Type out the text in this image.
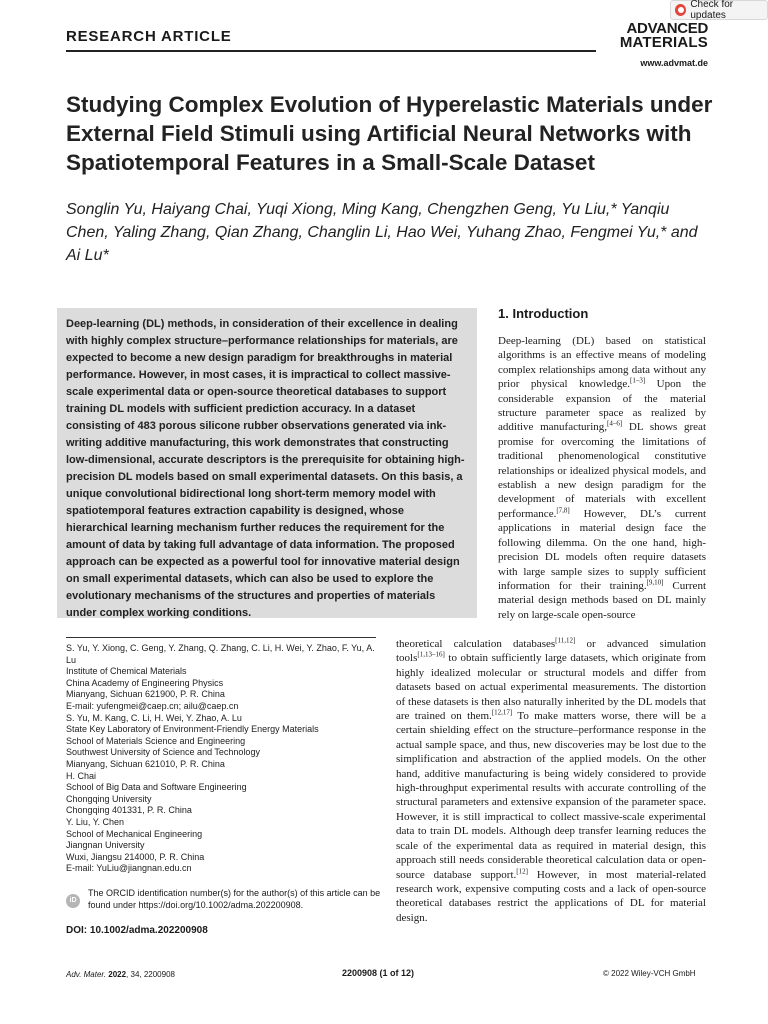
RESEARCH ARTICLE	ADVANCED
MATERIALS
www.advmat.de
Check for updates
Studying Complex Evolution of Hyperelastic Materials under External Field Stimuli using Artificial Neural Networks with Spatiotemporal Features in a Small-Scale Dataset
Songlin Yu, Haiyang Chai, Yuqi Xiong, Ming Kang, Chengzhen Geng, Yu Liu,* Yanqiu Chen, Yaling Zhang, Qian Zhang, Changlin Li, Hao Wei, Yuhang Zhao, Fengmei Yu,* and Ai Lu*
Deep-learning (DL) methods, in consideration of their excellence in dealing with highly complex structure–performance relationships for materials, are expected to become a new design paradigm for breakthroughs in material performance. However, in most cases, it is impractical to collect massive-scale experimental data or open-source theoretical databases to support training DL models with sufficient prediction accuracy. In a dataset consisting of 483 porous silicone rubber observations generated via ink-writing additive manufacturing, this work demonstrates that constructing low-dimensional, accurate descriptors is the prerequisite for obtaining high-precision DL models based on small experimental datasets. On this basis, a unique convolutional bidirectional long short-term memory model with spatiotemporal features extraction capability is designed, whose hierarchical learning mechanism further reduces the requirement for the amount of data by taking full advantage of data information. The proposed approach can be expected as a powerful tool for innovative material design on small experimental datasets, which can also be used to explore the evolutionary mechanisms of the structures and properties of materials under complex working conditions.
1. Introduction
Deep-learning (DL) based on statistical algorithms is an effective means of modeling complex relationships among data without any prior physical knowledge.[1–3] Upon the considerable expansion of the material structure parameter space as realized by additive manufacturing,[4–6] DL shows great promise for overcoming the limitations of traditional phenomenological constitutive relationships or idealized physical models, and establish a new design paradigm for the development of materials with excellent performance.[7,8] However, DL’s current applications in material design face the following dilemma. On the one hand, high-precision DL models often require datasets with large sample sizes to supply sufficient information for their training.[9,10] Current material design methods based on DL mainly rely on large-scale open-source
theoretical calculation databases[11,12] or advanced simulation tools[1,13–16] to obtain sufficiently large datasets, which originate from highly idealized molecular or structural models and differ from datasets based on actual experimental measurements. The distortion of these datasets is then also naturally inherited by the DL models that are trained on them.[12,17] To make matters worse, there will be a certain shielding effect on the structure–performance response in the actual sample space, and thus, new discoveries may be lost due to the simplification and abstraction of the applied models. On the other hand, additive manufacturing is being widely considered to provide high-throughput experimental results with accurate controlling of the structural parameters and extensive expansion of the parameter space. However, it is still impractical to collect massive-scale experimental data to train DL models. Although deep transfer learning reduces the scale of the experimental data as required in material design, this approach still needs considerable theoretical calculation data or open-source database support.[12] However, in most material-related research work, expensive computing costs and a lack of open-source theoretical databases restrict the applications of DL for material design.
S. Yu, Y. Xiong, C. Geng, Y. Zhang, Q. Zhang, C. Li, H. Wei, Y. Zhao, F. Yu, A. Lu
Institute of Chemical Materials
China Academy of Engineering Physics
Mianyang, Sichuan 621900, P. R. China
E-mail: yufengmei@caep.cn; ailu@caep.cn
S. Yu, M. Kang, C. Li, H. Wei, Y. Zhao, A. Lu
State Key Laboratory of Environment-Friendly Energy Materials
School of Materials Science and Engineering
Southwest University of Science and Technology
Mianyang, Sichuan 621010, P. R. China
H. Chai
School of Big Data and Software Engineering
Chongqing University
Chongqing 401331, P. R. China
Y. Liu, Y. Chen
School of Mechanical Engineering
Jiangnan University
Wuxi, Jiangsu 214000, P. R. China
E-mail: YuLiu@jiangnan.edu.cn
iD
The ORCID identification number(s) for the author(s) of this article can be found under https://doi.org/10.1002/adma.202200908.
DOI: 10.1002/adma.202200908
Adv. Mater. 2022, 34, 2200908	2200908 (1 of 12)	© 2022 Wiley-VCH GmbH
